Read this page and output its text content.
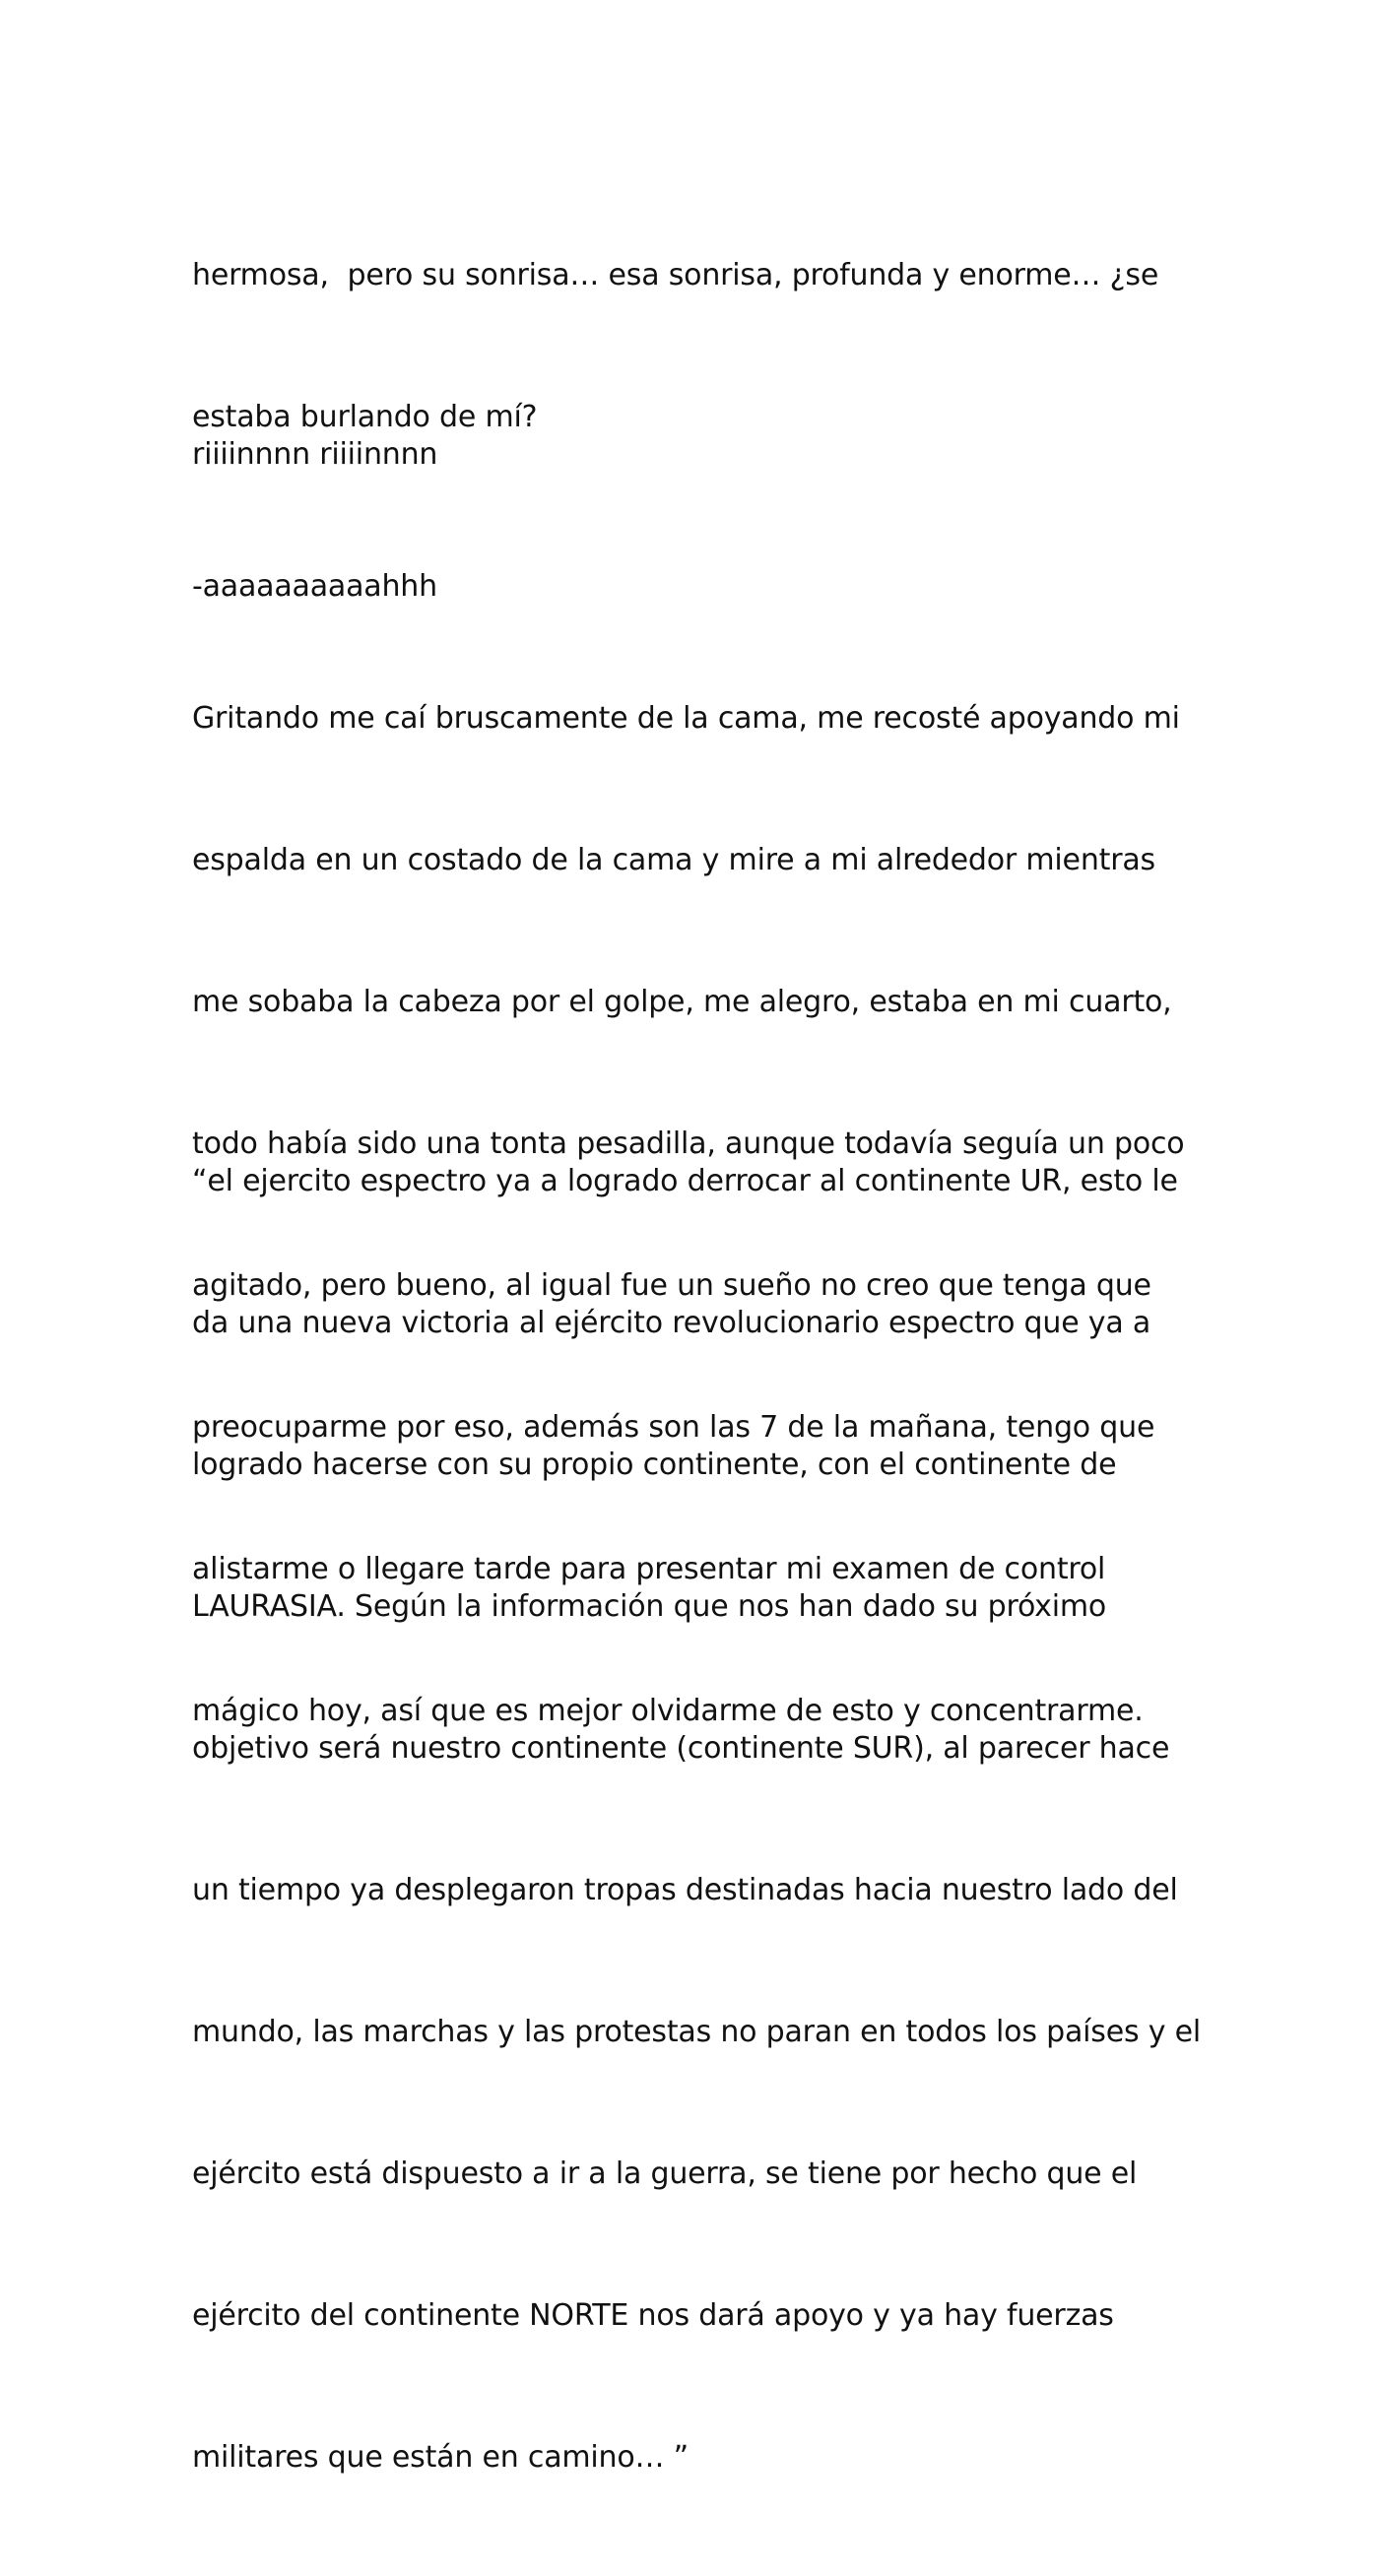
hermosa,  pero su sonrisa… esa sonrisa, profunda y enorme… ¿se

estaba burlando de mí?

riiiinnnn riiiinnnn

-aaaaaaaaaahhh

Gritando me caí bruscamente de la cama, me recosté apoyando mi

espalda en un costado de la cama y mire a mi alrededor mientras

me sobaba la cabeza por el golpe, me alegro, estaba en mi cuarto,

todo había sido una tonta pesadilla, aunque todavía seguía un poco

agitado, pero bueno, al igual fue un sueño no creo que tenga que

preocuparme por eso, además son las 7 de la mañana, tengo que

alistarme o llegare tarde para presentar mi examen de control

mágico hoy, así que es mejor olvidarme de esto y concentrarme.

“el ejercito espectro ya a logrado derrocar al continente UR, esto le

da una nueva victoria al ejército revolucionario espectro que ya a

logrado hacerse con su propio continente, con el continente de

LAURASIA. Según la información que nos han dado su próximo

objetivo será nuestro continente (continente SUR), al parecer hace

un tiempo ya desplegaron tropas destinadas hacia nuestro lado del

mundo, las marchas y las protestas no paran en todos los países y el

ejército está dispuesto a ir a la guerra, se tiene por hecho que el

ejército del continente NORTE nos dará apoyo y ya hay fuerzas

militares que están en camino… ”
